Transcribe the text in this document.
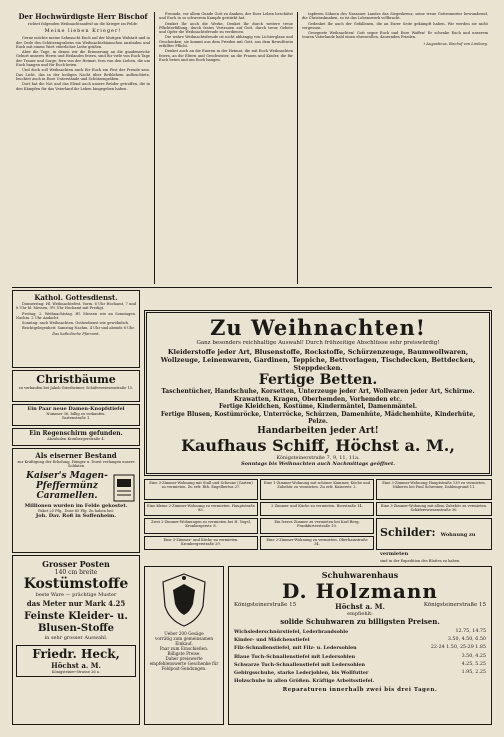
Der Hochwürdigste Herr Bischof
richtet folgenden Weihnachtsaufruf an die Krieger im Felde:
Meine lieben Krieger!

Gerne möchte meine Sehnsucht Euch auf der blutigen Walstatt und in der Oede des Schützengrabens ein Weihnachtsbäumchen anzünden und Euch mit einem Wort väterlicher Liebe grüßen.

Aber die Tage, in denen wir die Erinnerung an die gnadenreiche Geburt unseres Herrn und Heilandes feiern, sind für viele von Euch Tage der Trauer und Sorge; fern von der Heimat, fern von den Lieben, die um Euch bangen und für Euch beten.

Und doch soll Weihnachten auch für Euch ein Fest der Freude sein. Das Licht, das in der heiligen Nacht über Bethlehem aufleuchtete, leuchtet auch in Eure Unterstände und Schützengräben.

Dort hat die Not und das Elend auch unsere Brüder getroffen, die in den Kämpfen für das Vaterland ihr Leben hingegeben haben.

Freunde, vor allem Gnade Gott zu danken, der Euer Leben beschützt und Euch in so schwerem Kampfe gestärkt hat.

Denket Ihr auch die Werke, Denket Ihr durch weitere treue Pflichterfüllung, durch festes Vertrauen auf Gott, durch treue Gebete und Opfer die Weihnachtsfreude zu verdienen.

Die wahre Weihnachtsfreude ist nicht abhängig von Lichterglanz und Geschenken; sie kommt aus dem Frieden mit Gott, aus dem Bewußtsein erfüllter Pflicht.

Denket auch an die Eueren in der Heimat, die mit Euch Weihnachten feiern, an die Eltern und Geschwister, an die Frauen und Kinder, die für Euch beten und um Euch bangen.

tapferen Söhnen des Nassauer Landes das Siegeskreuz, seine treue Gottesmutter bewundernd, die Christusknaben, so ist das Lebenswerk vollbracht.

Gedenket Ihr auch der Gefallenen, die an Eurer Seite gekämpft haben. Wir werden sie nicht vergessen.

Gesegnete Weihnachten! Gott segne Euch und Eure Waffen! Er schenke Euch und unserem teuren Vaterlande bald einen ehrenvollen, dauernden Frieden.

† Augustinus, Bischof von Limburg.
Kathol. Gottesdienst.

Donnerstag: Hl. Weihnachtsfest. Vorm. 6 Uhr Hochamt, 7 und 8 Uhr hl. Messen, 9½ Uhr Hochamt mit Predigt.

Freitag: 2. Weihnachtstag. Hl. Messen wie an Sonntagen. Nachm. 2 Uhr Andacht.

Sonntag: nach Weihnachten. Gottesdienst wie gewöhnlich.

Beichtgelegenheit: Samstag Nachm. 4 Uhr und abends 8 Uhr.

Das katholische Pfarramt.
Christbäume
zu verkaufen bei Jakob Griesheimer, Schäferswiesenstraße 15.
Ein Paar neue Damen-Knopfstiefel
Nummer 36, billig zu verkaufen.
Gartenstraße 1.
Ein Regenschirm gefunden.
Abzuholen Kronbergerstraße 4.
Als eiserner Bestand
zur Kräftigung der Erholung, Hunger u. Durst verlangen unsere Soldaten
Kaiser's Magen-Pfeffermünz Caramellen.
Millionen wurden im Felde gekostet.
Paket 25 Pfg., Dose 65 Pfg. Zu haben bei:
Joh. Dav. Roß in Soffenheim.
Grosser Posten
140 cm breite
Kostümstoffe
beste Ware — prächtige Muster
das Meter nur Mark 4.25
Feinste Kleider- u. Blusen-Stoffe
in sehr grosser Auswahl.
Friedr. Heck,
Höchst a. M.
Königsteiner-Strasse 26 a.
Zu Weihnachten!
Ganz besonders reichhaltige Auswahl! Durch frühzeitige Abschlüsse sehr preiswürdig!
Kleiderstoffe jeder Art, Blusenstoffe, Rockstoffe, Schürzenzeuge, Baumwollwaren, Wollzeuge, Leinenwaren, Gardinen, Teppiche, Bettvorlagen, Tischdecken, Bettdecken, Steppdecken.
Fertige Betten.
Taschentücher, Handschuhe, Korsetten, Unterzeuge jeder Art, Wollwaren jeder Art, Schirme.
Krawatten, Kragen, Oberhemden, Vorhemden etc.
Fertige Kleidchen, Kostüme, Kindermäntel, Damenmäntel.
Fertige Blusen, Kostümröcke, Unterröcke, Schürzen, Damenhüte, Mädchenhüte, Kinderhüte, Pelze.
Handarbeiten jeder Art!
Kaufhaus Schiff, Höchst a. M.,
Königsteinerstraße 7, 9, 11, 11a.
Sonntags bis Weihnachten auch Nachmittags geöffnet.
Eine 3-Zimmer-Wohnung mit Stall und Scheune (Garten) zu vermieten. Zu erfr. Rth. Engelbertus 27.
Eine 1-Zimmer-Wohnung mit schöner Kammer, Küche und Zubehör zu vermieten. Zu erfr. Kaiserstr. 2.
Eine 3-Zimmer-Wohnung Hauptstraße 139 zu vermieten. Näheres bei Paul Schreiner, Dahlengrund 11.
Eine kleine 2-Zimmer-Wohnung zu vermieten. Hauptstraße 85.
2 Zimmer und Küche zu vermieten. Bierstraße 14.	Eine 3-Zimmer-Wohnung mit allem Zubehör zu vermieten. Schäferswiesenstraße 30.
Zwei 2-Zimmer-Wohnungen zu vermieten bei H. Vogel, Kronbergerstr. 8.
Ein leeres Zimmer zu vermieten bei Karl Berg, Frankfurterstraße 10.
Eine 3-Zimmer- und Küche zu vermieten. Kronbergerstraße 29.
Eine 2-Zimmer-Wohnung zu vermieten. Oberhainstraße 34.
Schilder: Wohnung zu vermieten
sind in der Expedition des Blattes zu haben.
Ueber 200 Gesäge
vorrätig zum gemeinsamen
Einkauf.
Paar zum Einschießen.
Billigste Preise.
Daher preiswerte empfehlenswerte Geschenke für Feldpost-Sendungen.
Schuhwarenhaus
D. Holzmann
Königsteinerstraße 15	Höchst a. M.	Königsteinerstraße 15
empfiehlt:
solide Schuhwaren zu billigsten Preisen.
Wichslederschnürstiefel, Lederbrandsohle	12.75, 14.75
Kinder- und Mädchenstiefel	3.50, 4.50, 6.50
Filz-Schnallenstiefel, mit Filz- u. Ledersohlen	22-24 1.50, 25-29 1.85
Blaue Tuch-Schnallenstiefel mit Ledersohlen	3.50, 4.25
Schwarze Tuch-Schnallenstiefel mit Ledersohlen	4.25, 5.25
Gebirgsschuhe, starke Lederjohlen, bis Wollfutter	1.95, 2.25
Holzschuhe in allen Größen. Kräftige Arbeitsstiefel.
Reparaturen innerhalb zwei bis drei Tagen.
